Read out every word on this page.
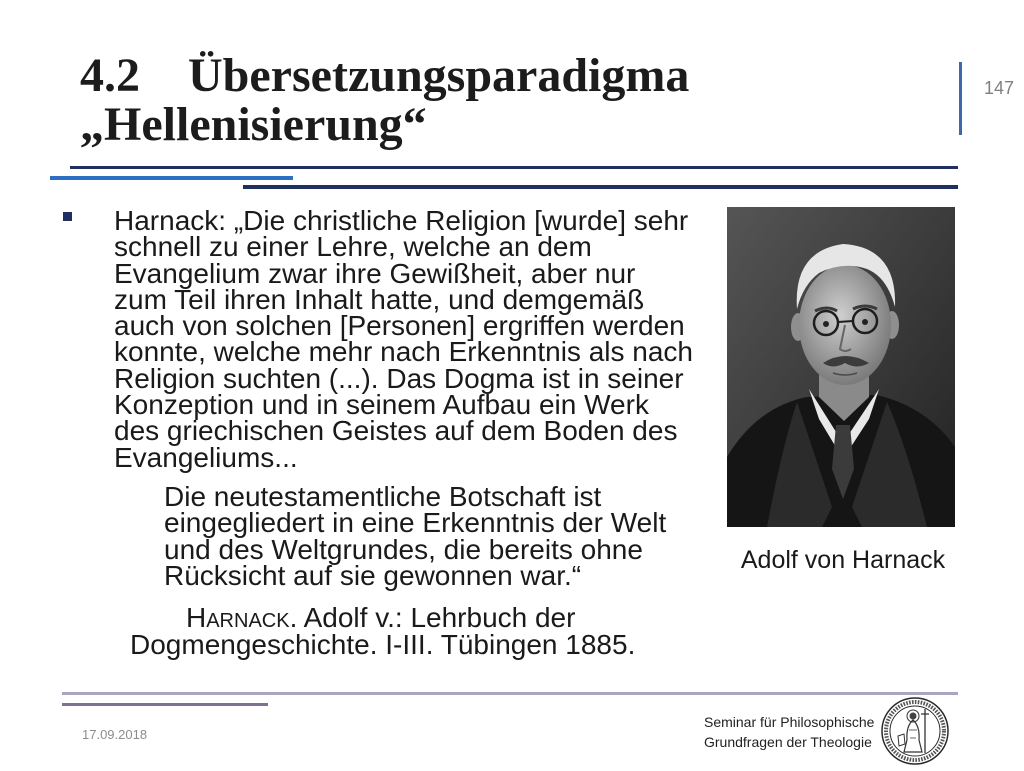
4.2 Übersetzungsparadigma
„Hellenisierung“
147
Harnack: „Die christliche Religion [wurde] sehr
schnell zu einer Lehre, welche an dem
Evangelium zwar ihre Gewißheit, aber nur
zum Teil ihren Inhalt hatte, und demgemäß
auch von solchen [Personen] ergriffen werden
konnte, welche mehr nach Erkenntnis als nach
Religion suchten (...). Das Dogma ist in seiner
Konzeption und in seinem Aufbau ein Werk
des griechischen Geistes auf dem Boden des
Evangeliums...
Die neutestamentliche Botschaft ist
eingegliedert in eine Erkenntnis der Welt
und des Weltgrundes, die bereits ohne
Rücksicht auf sie gewonnen war.“
Harnack. Adolf v.: Lehrbuch der
Dogmengeschichte. I-III. Tübingen 1885.
Adolf von Harnack
17.09.2018
Seminar für Philosophische
Grundfragen der Theologie
